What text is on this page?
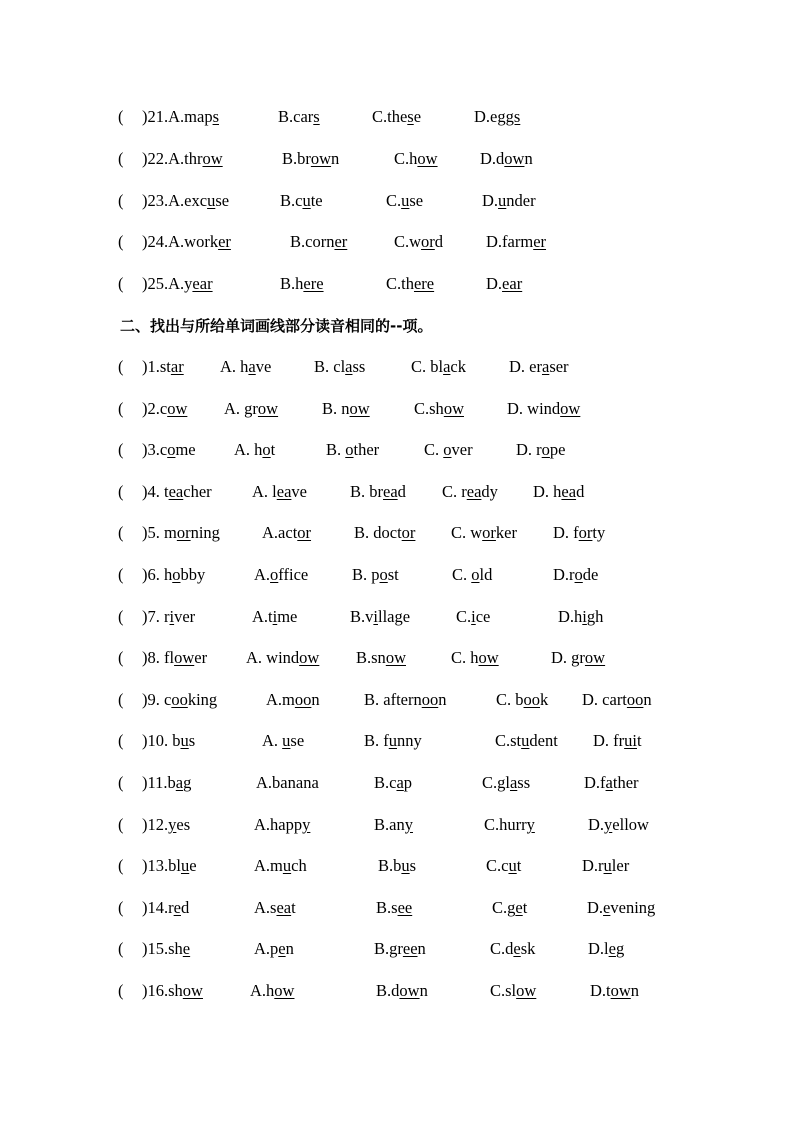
二、找出与所给单词画线部分读音相同的--项。
( )21.A.maps	B.cars	C.these	D.eggs
( )22.A.throw	B.brown	C.how	D.down
( )23.A.excuse	B.cute	C.use	D.under
( )24.A.worker	B.corner	C.word	D.farmer
( )25.A.year	B.here	C.there	D.ear
( )1.star A. have	B. class	C. black	D. eraser
( )2.cow A. grow	B. now	C.show	D. window
( )3.come A. hot	B. other	C. over	D. rope
( )4. teacher A. leave	B. bread C. ready D. head
( )5. morning	A.actor	B. doctor C. worker D. forty
( )6. hobby	A.office	B. post	C. old	D.rode
( )7. river	A.time	B.village	C.ice	D.high
( )8. flower A. window B.snow	C. how	D. grow
( )9. cooking	A.moon	B. afternoon	C. book D. cartoon
( )10. bus	A. use	B. funny	C.student D. fruit
( )11.bag	A.banana	B.cap	C.glass	D.father
( )12.yes	A.happy	B.any	C.hurry	D.yellow
( )13.blue	A.much	B.bus	C.cut	D.ruler
( )14.red	A.seat	B.see	C.get	D.evening
( )15.she	A.pen	B.green	C.desk	D.leg
( )16.show	A.how	B.down	C.slow	D.town
